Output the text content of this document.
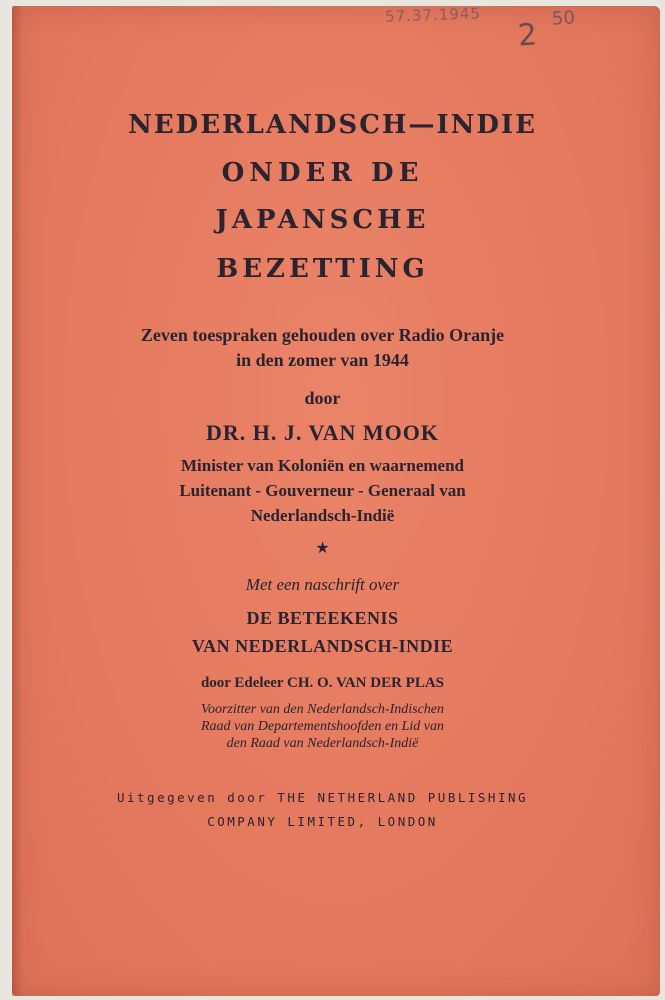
57.37.1945
2 50
NEDERLANDSCH—INDIE
ONDER DE
JAPANSCHE
BEZETTING
Zeven toespraken gehouden over Radio Oranje
in den zomer van 1944
door
DR. H. J. VAN MOOK
Minister van Koloniën en waarnemend
Luitenant - Gouverneur - Generaal van
Nederlandsch-Indië
★
Met een naschrift over
DE BETEEKENIS
VAN NEDERLANDSCH-INDIE
door Edeleer CH. O. VAN DER PLAS
Voorzitter van den Nederlandsch-Indischen
Raad van Departementshoofden en Lid van
den Raad van Nederlandsch-Indië
Uitgegeven door THE NETHERLAND PUBLISHING
COMPANY LIMITED, LONDON
